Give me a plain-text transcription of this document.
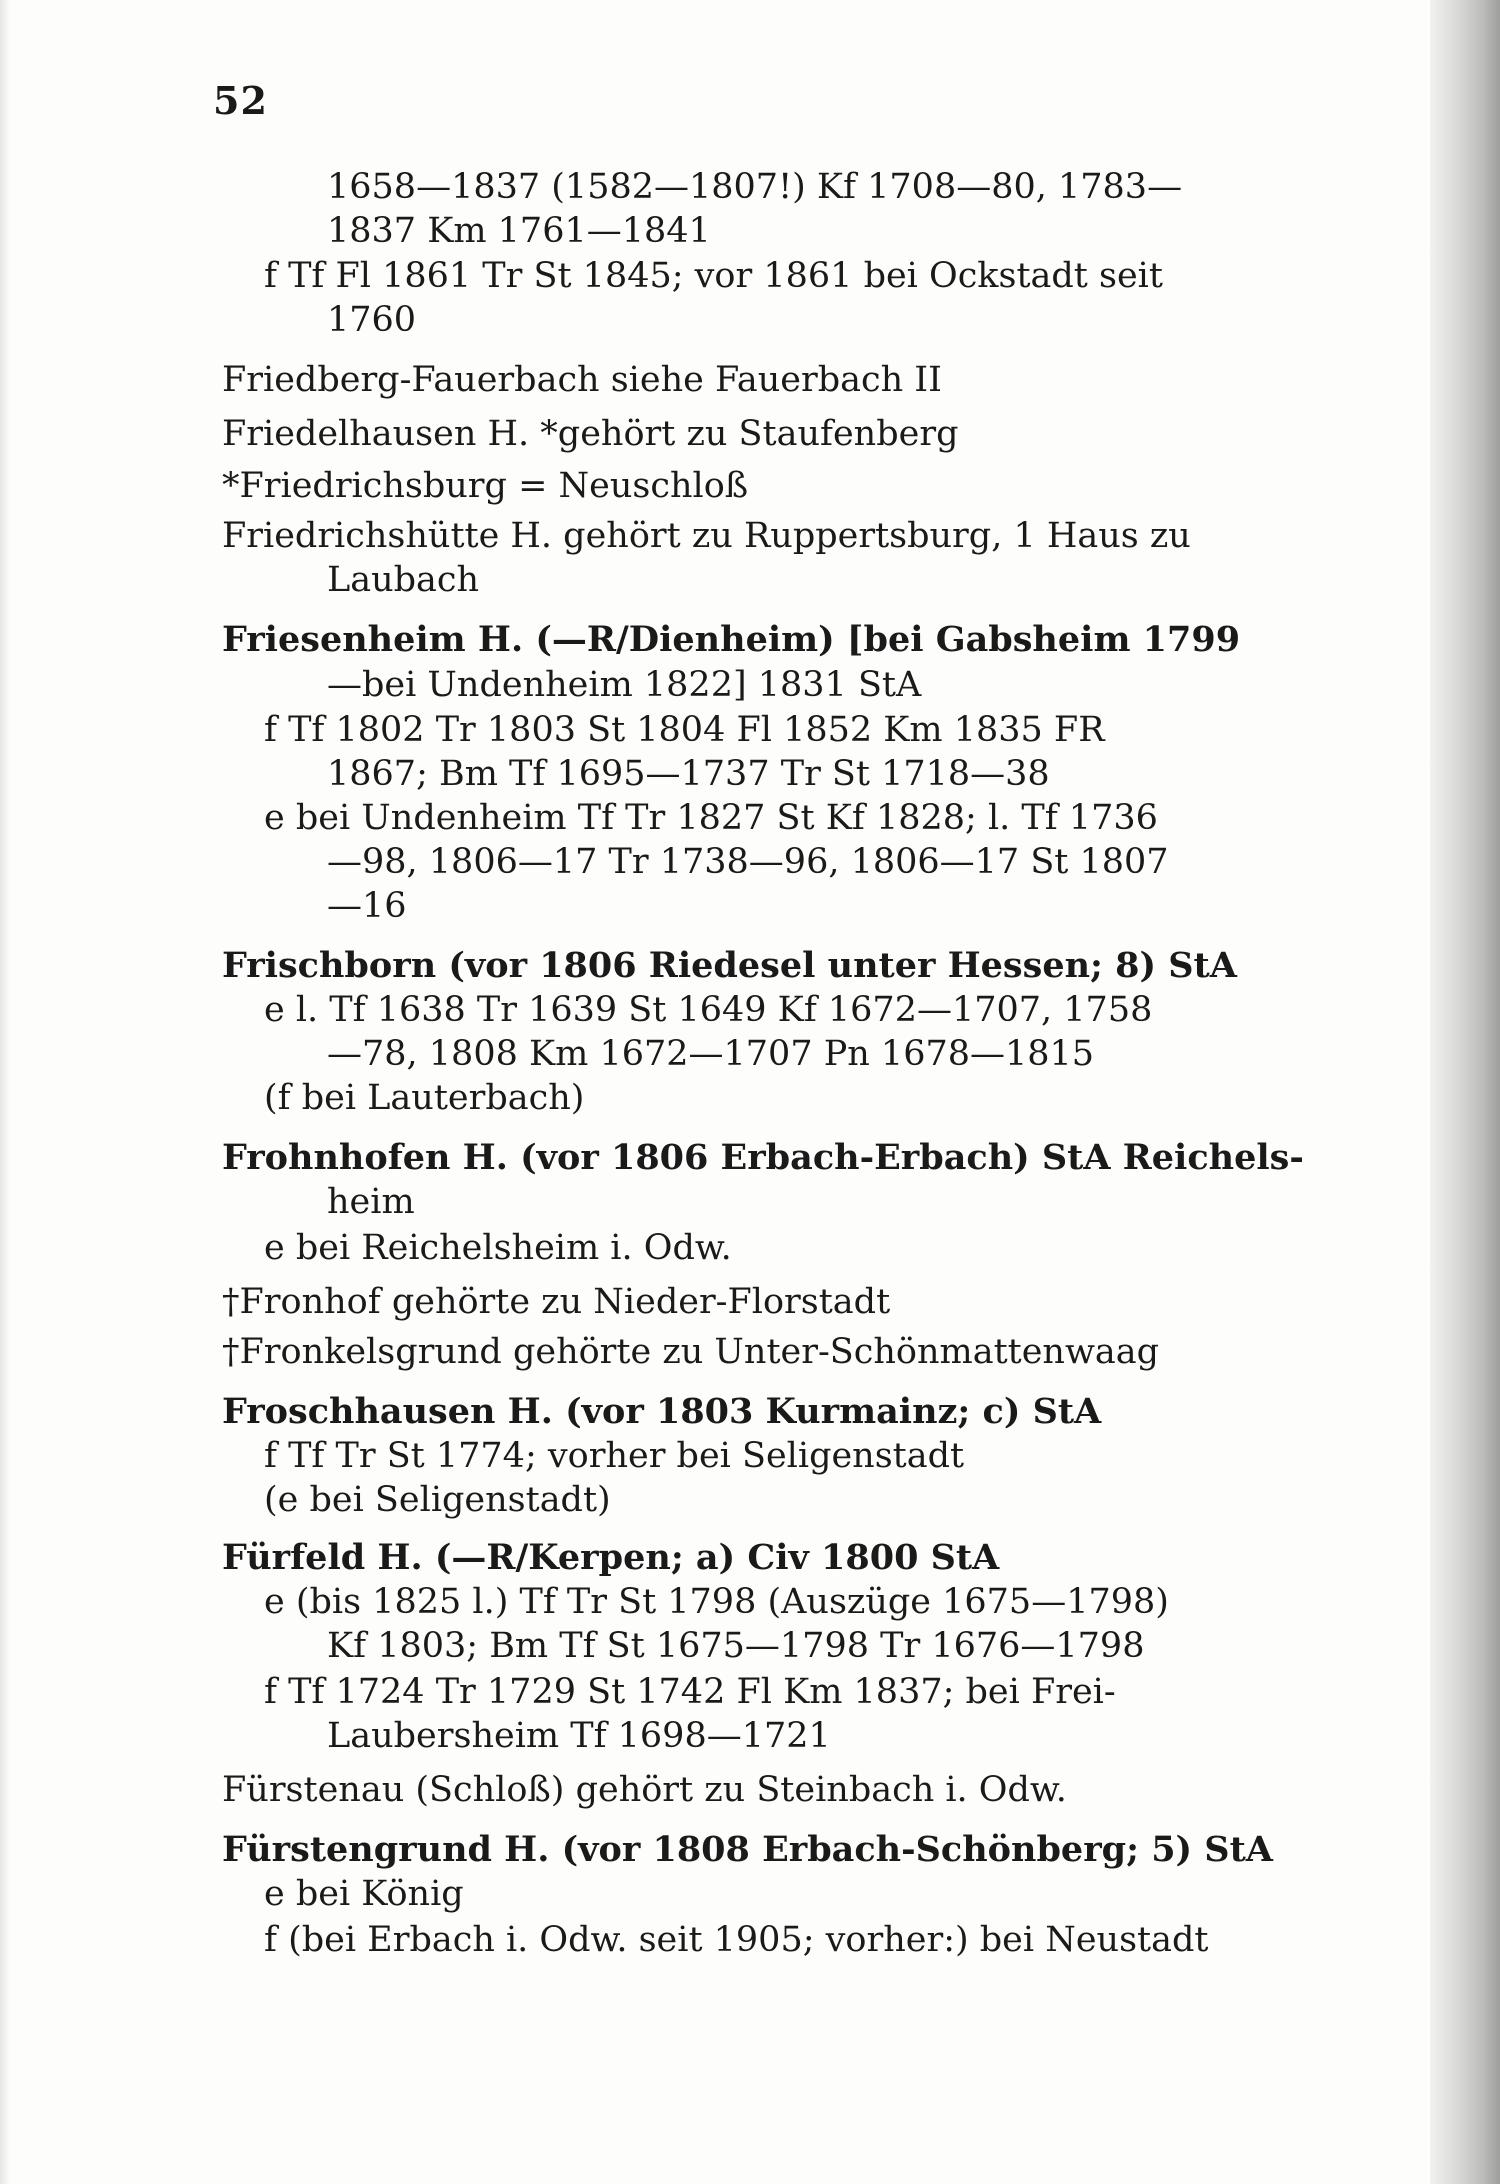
52
1658—1837 (1582—1807!) Kf 1708—80, 1783—
1837 Km 1761—1841
f Tf Fl 1861 Tr St 1845; vor 1861 bei Ockstadt seit
1760
Friedberg-Fauerbach siehe Fauerbach II
Friedelhausen H. *gehört zu Staufenberg
*Friedrichsburg = Neuschloß
Friedrichshütte H. gehört zu Ruppertsburg, 1 Haus zu
Laubach
Friesenheim H. (—R/Dienheim) [bei Gabsheim 1799
—bei Undenheim 1822] 1831 StA
f Tf 1802 Tr 1803 St 1804 Fl 1852 Km 1835 FR
1867; Bm Tf 1695—1737 Tr St 1718—38
e bei Undenheim Tf Tr 1827 St Kf 1828; l. Tf 1736
—98, 1806—17 Tr 1738—96, 1806—17 St 1807
—16
Frischborn (vor 1806 Riedesel unter Hessen; 8) StA
e l. Tf 1638 Tr 1639 St 1649 Kf 1672—1707, 1758
—78, 1808 Km 1672—1707 Pn 1678—1815
(f bei Lauterbach)
Frohnhofen H. (vor 1806 Erbach-Erbach) StA Reichels-
heim
e bei Reichelsheim i. Odw.
†Fronhof gehörte zu Nieder-Florstadt
†Fronkelsgrund gehörte zu Unter-Schönmattenwaag
Froschhausen H. (vor 1803 Kurmainz; c) StA
f Tf Tr St 1774; vorher bei Seligenstadt
(e bei Seligenstadt)
Fürfeld H. (—R/Kerpen; a) Civ 1800 StA
e (bis 1825 l.) Tf Tr St 1798 (Auszüge 1675—1798)
Kf 1803; Bm Tf St 1675—1798 Tr 1676—1798
f Tf 1724 Tr 1729 St 1742 Fl Km 1837; bei Frei-
Laubersheim Tf 1698—1721
Fürstenau (Schloß) gehört zu Steinbach i. Odw.
Fürstengrund H. (vor 1808 Erbach-Schönberg; 5) StA
e bei König
f (bei Erbach i. Odw. seit 1905; vorher:) bei Neustadt
